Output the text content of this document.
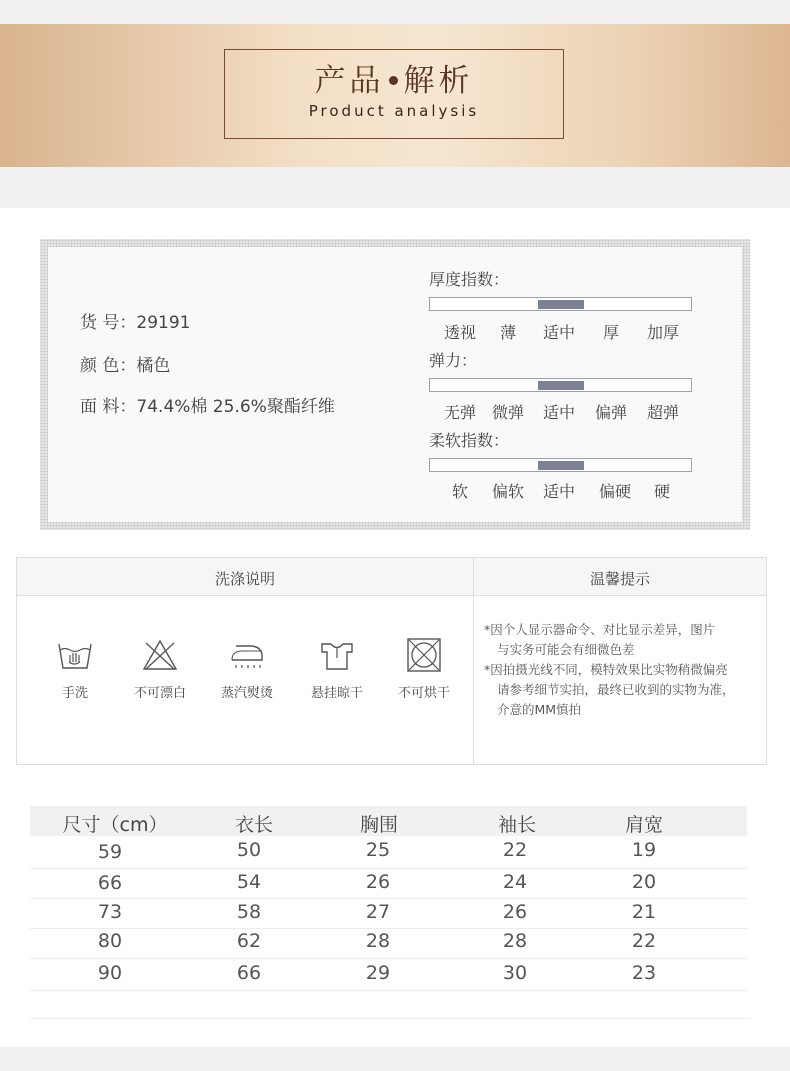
产品 解析
Product analysis
货 号：29191
颜 色：橘色
面 料：74.4%棉 25.6%聚酯纤维
厚度指数：
透视	薄	适中	厚	加厚
弹力：
无弹 微弹	适中	偏弹	超弹
柔软指数：
软	偏软	适中	偏硬	硬
洗涤说明	温馨提示
手洗	不可漂白	蒸汽熨烫	悬挂晾干	不可烘干

*因个人显示器命令、对比显示差异，图片

与实务可能会有细微色差

*因拍摄光线不同，模特效果比实物稍微偏亮

请参考细节实拍，最终已收到的实物为准，

介意的MM慎拍

尺寸（cm）	衣长	胸围	袖长	肩宽
59	50	25	22	19
66	54	26	24	20
73	58	27	26	21
80	62	28	28	22
90	66	29	30	23
